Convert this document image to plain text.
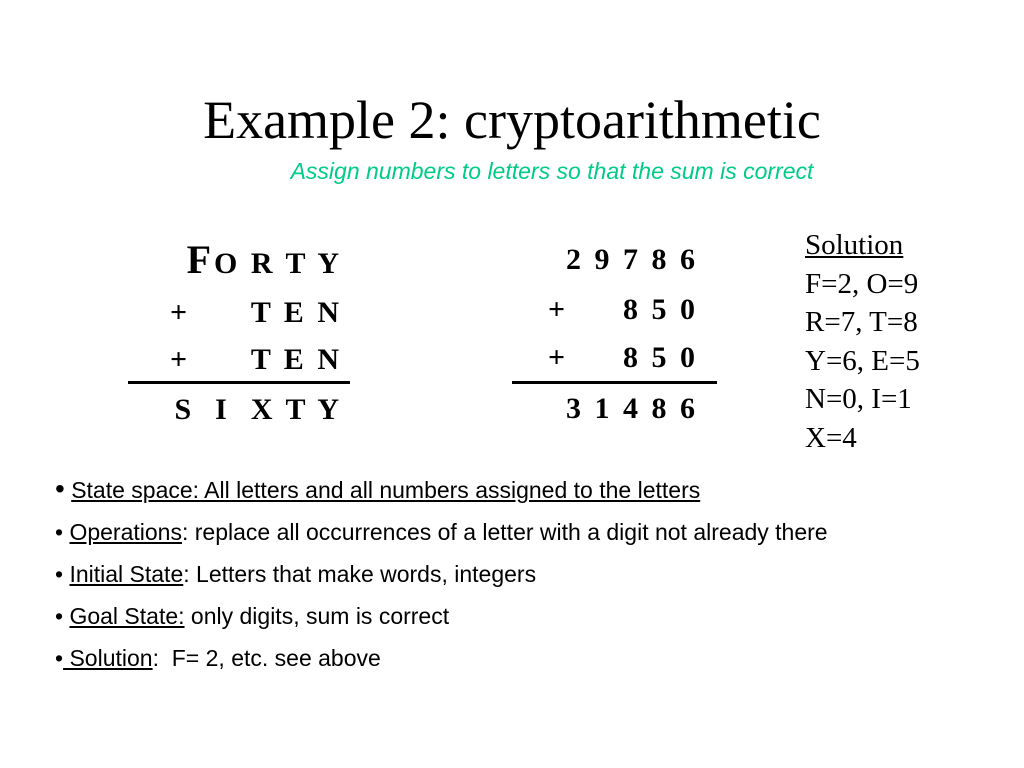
Example 2: cryptoarithmetic
Assign numbers to letters so that the sum is correct
FO R T Y
+ T E N
+ T E N
S  I  X T Y
2 9 7 8 6
+ 8 5 0
+ 8 5 0
3 1 4 8 6
Solution
F=2, O=9
R=7, T=8
Y=6, E=5
N=0, I=1
X=4
• State space: All letters and all numbers assigned to the letters
• Operations: replace all occurrences of a letter with a digit not already there
• Initial State: Letters that make words, integers
• Goal State: only digits, sum is correct
• Solution:  F= 2, etc. see above
